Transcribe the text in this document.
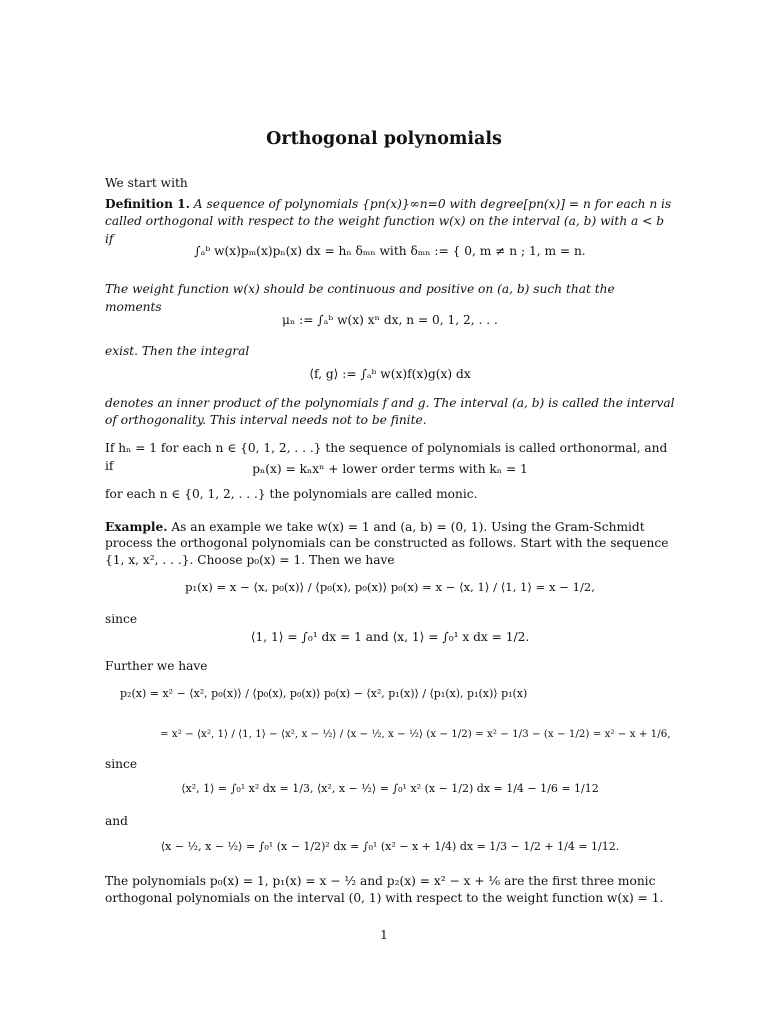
Orthogonal polynomials

We start with

Definition 1. A sequence of polynomials {pn(x)}∞n=0 with degree[pn(x)] = n for each n is

called orthogonal with respect to the weight function w(x) on the interval (a, b) with a < b if

∫ₐᵇ w(x)pₘ(x)pₙ(x) dx = hₙ δₘₙ with δₘₙ := { 0, m ≠ n ; 1, m = n.

The weight function w(x) should be continuous and positive on (a, b) such that the moments

μₙ := ∫ₐᵇ w(x) xⁿ dx, n = 0, 1, 2, . . .

exist. Then the integral

⟨f, g⟩ := ∫ₐᵇ w(x)f(x)g(x) dx

denotes an inner product of the polynomials f and g. The interval (a, b) is called the interval

of orthogonality. This interval needs not to be finite.

If hₙ = 1 for each n ∈ {0, 1, 2, . . .} the sequence of polynomials is called orthonormal, and if	pₙ(x) = kₙxⁿ + lower order terms with kₙ = 1

for each n ∈ {0, 1, 2, . . .} the polynomials are called monic.

Example. As an example we take w(x) = 1 and (a, b) = (0, 1). Using the Gram-Schmidt

process the orthogonal polynomials can be constructed as follows. Start with the sequence

{1, x, x², . . .}. Choose p₀(x) = 1. Then we have

p₁(x) = x − ⟨x, p₀(x)⟩ / ⟨p₀(x), p₀(x)⟩ p₀(x) = x − ⟨x, 1⟩ / ⟨1, 1⟩ = x − 1/2,

since

⟨1, 1⟩ = ∫₀¹ dx = 1 and ⟨x, 1⟩ = ∫₀¹ x dx = 1/2.

Further we have

p₂(x) = x² − ⟨x², p₀(x)⟩ / ⟨p₀(x), p₀(x)⟩ p₀(x) − ⟨x², p₁(x)⟩ / ⟨p₁(x), p₁(x)⟩ p₁(x)
= x² − ⟨x², 1⟩ / ⟨1, 1⟩ − ⟨x², x − ½⟩ / ⟨x − ½, x − ½⟩ (x − 1/2) = x² − 1/3 − (x − 1/2) = x² − x + 1/6,

since

⟨x², 1⟩ = ∫₀¹ x² dx = 1/3, ⟨x², x − ½⟩ = ∫₀¹ x² (x − 1/2) dx = 1/4 − 1/6 = 1/12

and

⟨x − ½, x − ½⟩ = ∫₀¹ (x − 1/2)² dx = ∫₀¹ (x² − x + 1/4) dx = 1/3 − 1/2 + 1/4 = 1/12.

The polynomials p₀(x) = 1, p₁(x) = x − ½ and p₂(x) = x² − x + ⅙ are the first three monic

orthogonal polynomials on the interval (0, 1) with respect to the weight function w(x) = 1.

1
